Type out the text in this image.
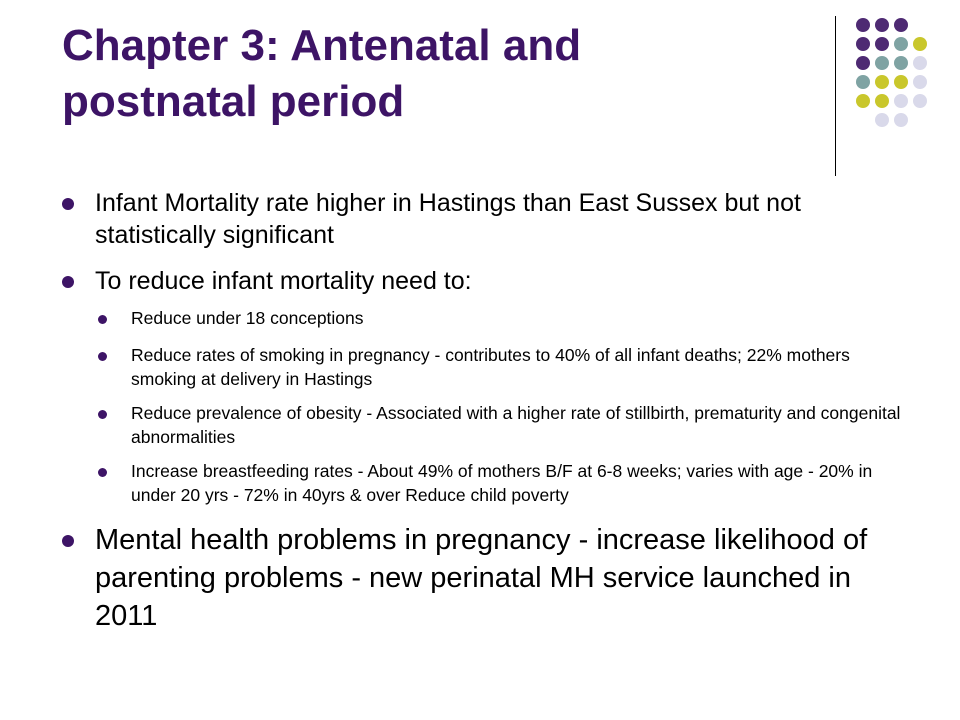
Chapter 3: Antenatal and postnatal period
Infant Mortality rate higher in Hastings than East Sussex but not statistically significant
To reduce infant mortality need to:
Reduce under 18 conceptions
Reduce rates of smoking in pregnancy - contributes to 40% of all infant deaths; 22% mothers smoking at delivery in Hastings
Reduce prevalence of obesity - Associated with a higher rate of stillbirth, prematurity and congenital abnormalities
Increase breastfeeding rates - About 49% of mothers B/F at 6-8 weeks; varies with age - 20% in under 20 yrs - 72% in 40yrs & over Reduce child poverty
Mental health problems in pregnancy - increase likelihood of parenting problems - new perinatal MH service launched in 2011
